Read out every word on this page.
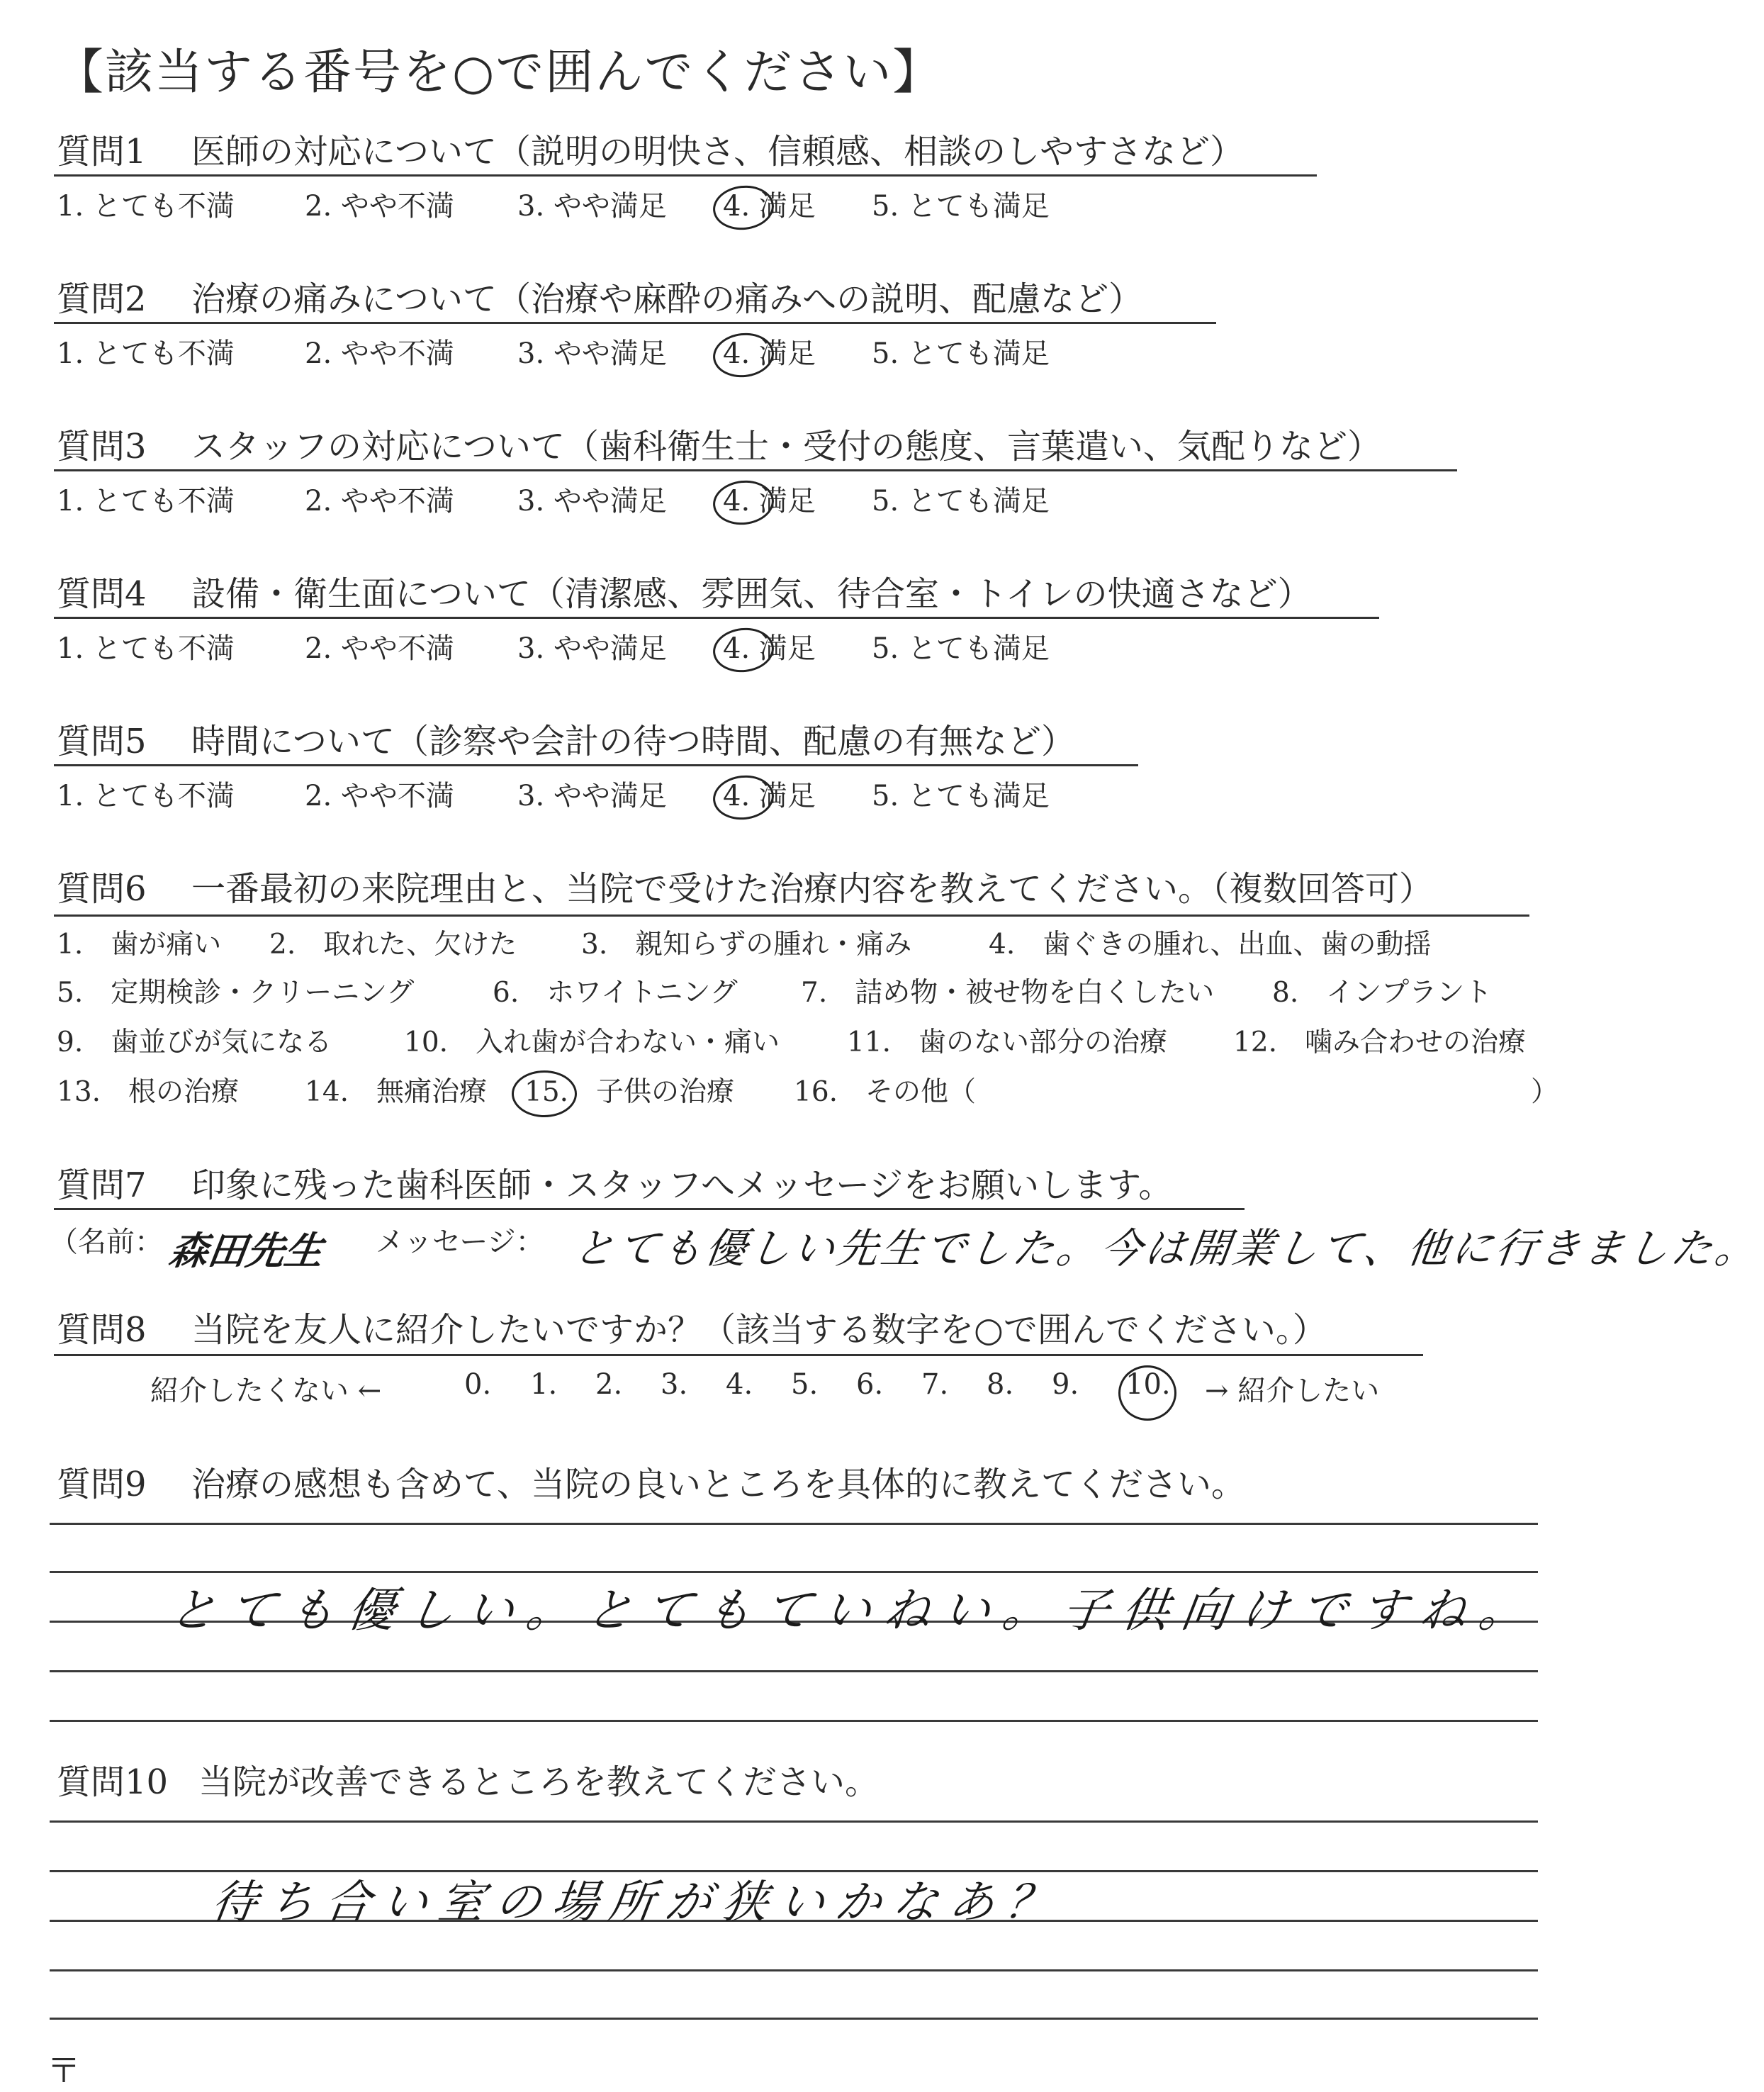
【該当する番号を○で囲んでください】
質問1 医師の対応について（説明の明快さ、信頼感、相談のしやすさなど）
1. とても不満 2. やや不満 3. やや満足 4. 満足 5. とても満足
質問2 治療の痛みについて（治療や麻酔の痛みへの説明、配慮など）
1. とても不満 2. やや不満 3. やや満足 4. 満足 5. とても満足
質問3 スタッフの対応について（歯科衛生士・受付の態度、言葉遣い、気配りなど）
1. とても不満 2. やや不満 3. やや満足 4. 満足 5. とても満足
質問4 設備・衛生面について（清潔感、雰囲気、待合室・トイレの快適さなど）
1. とても不満 2. やや不満 3. やや満足 4. 満足 5. とても満足
質問5 時間について（診察や会計の待つ時間、配慮の有無など）
1. とても不満 2. やや不満 3. やや満足 4. 満足 5. とても満足
質問6 一番最初の来院理由と、当院で受けた治療内容を教えてください。（複数回答可）
1.　歯が痛い 2.　取れた、欠けた 3.　親知らずの腫れ・痛み	4.　歯ぐきの腫れ、出血、歯の動揺
5.　定期検診・クリーニング	6.　ホワイトニング 7.　詰め物・被せ物を白くしたい 8.　インプラント
9.　歯並びが気になる	10.　入れ歯が合わない・痛い 11.　歯のない部分の治療 12.　噛み合わせの治療
13.　根の治療 14.　無痛治療 15.　子供の治療 16.　その他（	）
質問7 印象に残った歯科医師・スタッフへメッセージをお願いします。
（名前： 森田先生 メッセージ： とても優しい先生でした。今は開業して、他に行きました。
質問8 当院を友人に紹介したいですか？（該当する数字を○で囲んでください。）
紹介したくない ←	0. 1. 2. 3. 4. 5. 6. 7. 8. 9. 10. → 紹介したい
質問9 治療の感想も含めて、当院の良いところを具体的に教えてください。
とても優しい。とてもていねい。子供向けですね。
質問10 当院が改善できるところを教えてください。
待ち合い室の場所が狭いかなあ？
〒
